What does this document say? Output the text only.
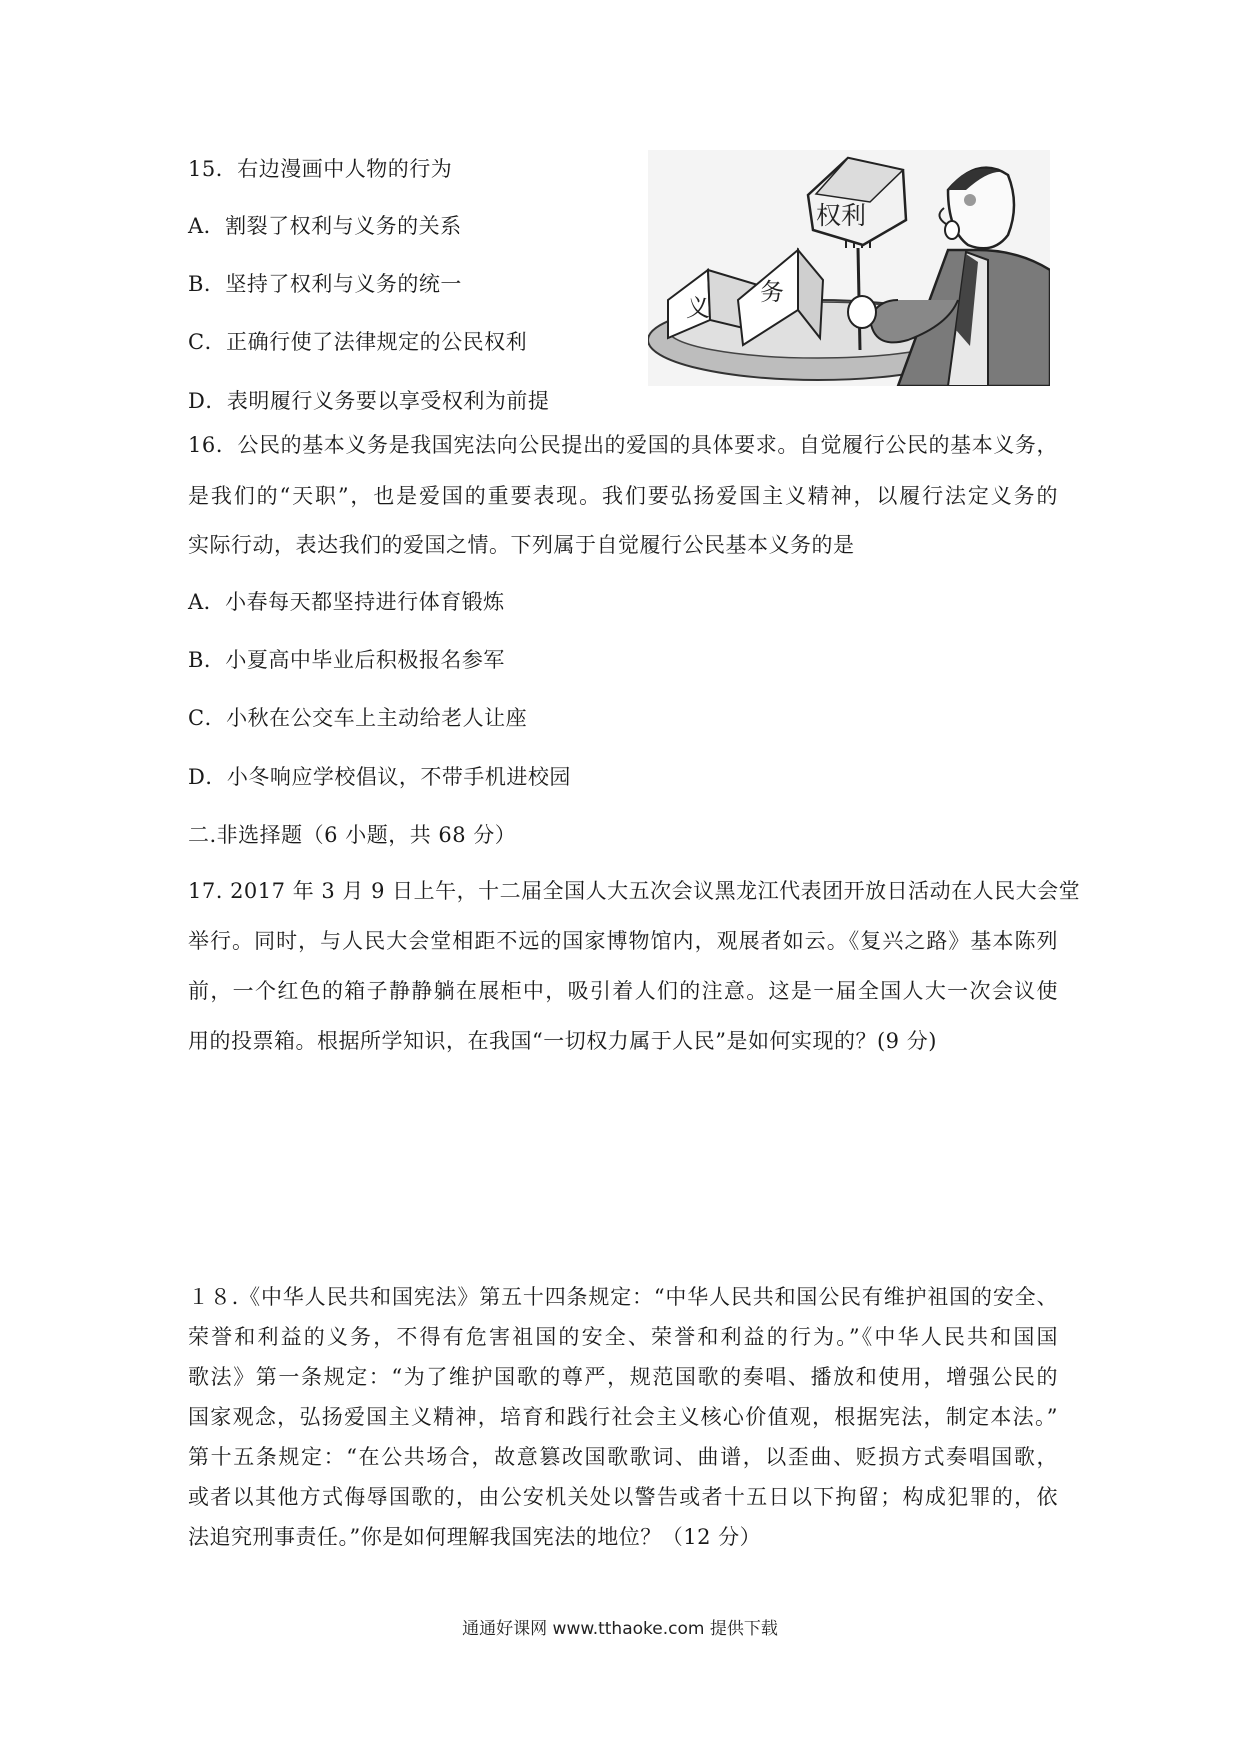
15．右边漫画中人物的行为
A．割裂了权利与义务的关系
B．坚持了权利与义务的统一
C．正确行使了法律规定的公民权利
D．表明履行义务要以享受权利为前提
义
务
权利
16．公民的基本义务是我国宪法向公民提出的爱国的具体要求。自觉履行公民的基本义务，
是我们的“天职”，也是爱国的重要表现。我们要弘扬爱国主义精神，以履行法定义务的
实际行动，表达我们的爱国之情。下列属于自觉履行公民基本义务的是
A．小春每天都坚持进行体育锻炼
B．小夏高中毕业后积极报名参军
C．小秋在公交车上主动给老人让座
D．小冬响应学校倡议，不带手机进校园
二.非选择题（6 小题，共 68 分）
17. 2017 年 3 月 9 日上午，十二届全国人大五次会议黑龙江代表团开放日活动在人民大会堂
举行。同时，与人民大会堂相距不远的国家博物馆内，观展者如云。《复兴之路》基本陈列
前，一个红色的箱子静静躺在展柜中，吸引着人们的注意。这是一届全国人大一次会议使
用的投票箱。根据所学知识，在我国“一切权力属于人民”是如何实现的？(9 分)
１８.《中华人民共和国宪法》第五十四条规定：“中华人民共和国公民有维护祖国的安全、
荣誉和利益的义务，不得有危害祖国的安全、荣誉和利益的行为。”《中华人民共和国国
歌法》第一条规定：“为了维护国歌的尊严，规范国歌的奏唱、播放和使用，增强公民的
国家观念，弘扬爱国主义精神，培育和践行社会主义核心价值观，根据宪法，制定本法。”
第十五条规定：“在公共场合，故意篡改国歌歌词、曲谱，以歪曲、贬损方式奏唱国歌，
或者以其他方式侮辱国歌的，由公安机关处以警告或者十五日以下拘留；构成犯罪的，依
法追究刑事责任。”你是如何理解我国宪法的地位？（12 分）
通通好课网 www.tthaoke.com 提供下载
